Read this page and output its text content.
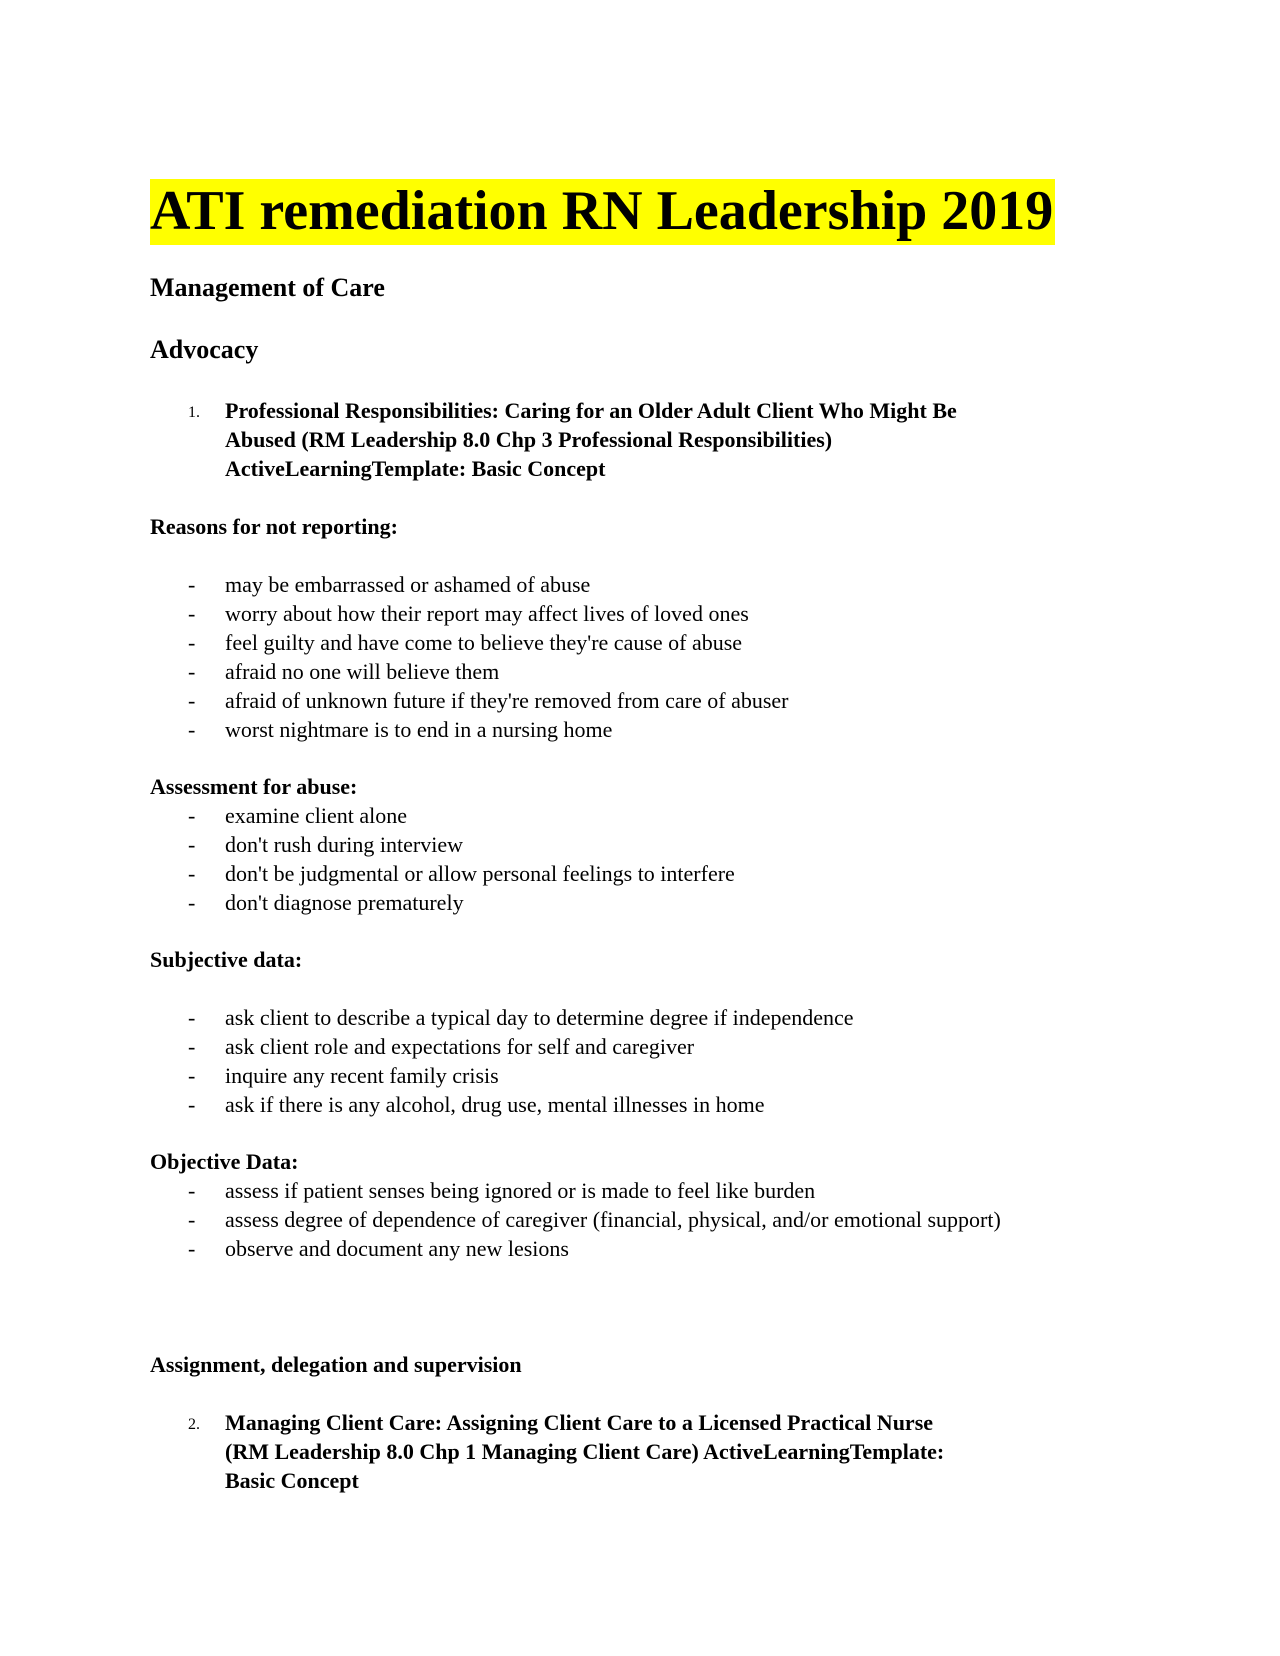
ATI remediation RN Leadership 2019
Management of Care
Advocacy
1. Professional Responsibilities: Caring for an Older Adult Client Who Might Be
Abused (RM Leadership 8.0 Chp 3 Professional Responsibilities)
ActiveLearningTemplate: Basic Concept
Reasons for not reporting:
- may be embarrassed or ashamed of abuse
- worry about how their report may affect lives of loved ones
- feel guilty and have come to believe they're cause of abuse
- afraid no one will believe them
- afraid of unknown future if they're removed from care of abuser
- worst nightmare is to end in a nursing home
Assessment for abuse:
- examine client alone
- don't rush during interview
- don't be judgmental or allow personal feelings to interfere
- don't diagnose prematurely
Subjective data:
- ask client to describe a typical day to determine degree if independence
- ask client role and expectations for self and caregiver
- inquire any recent family crisis
- ask if there is any alcohol, drug use, mental illnesses in home
Objective Data:
- assess if patient senses being ignored or is made to feel like burden
- assess degree of dependence of caregiver (financial, physical, and/or emotional support)
- observe and document any new lesions
Assignment, delegation and supervision
2. Managing Client Care: Assigning Client Care to a Licensed Practical Nurse
(RM Leadership 8.0 Chp 1 Managing Client Care) ActiveLearningTemplate:
Basic Concept
